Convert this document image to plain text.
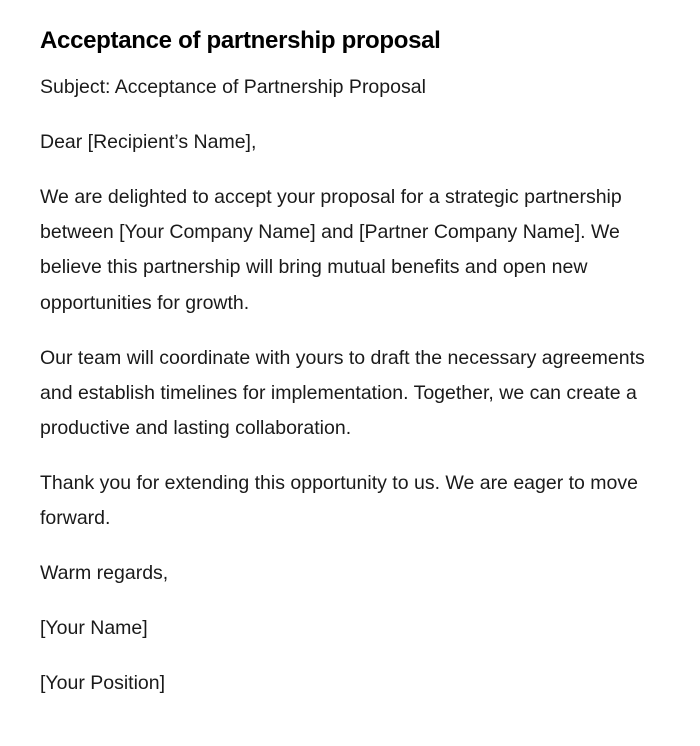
Acceptance of partnership proposal

Subject: Acceptance of Partnership Proposal

Dear [Recipient’s Name],

We are delighted to accept your proposal for a strategic partnership between [Your Company Name] and [Partner Company Name]. We believe this partnership will bring mutual benefits and open new opportunities for growth.

Our team will coordinate with yours to draft the necessary agreements and establish timelines for implementation. Together, we can create a productive and lasting collaboration.

Thank you for extending this opportunity to us. We are eager to move forward.

Warm regards,

[Your Name]

[Your Position]
